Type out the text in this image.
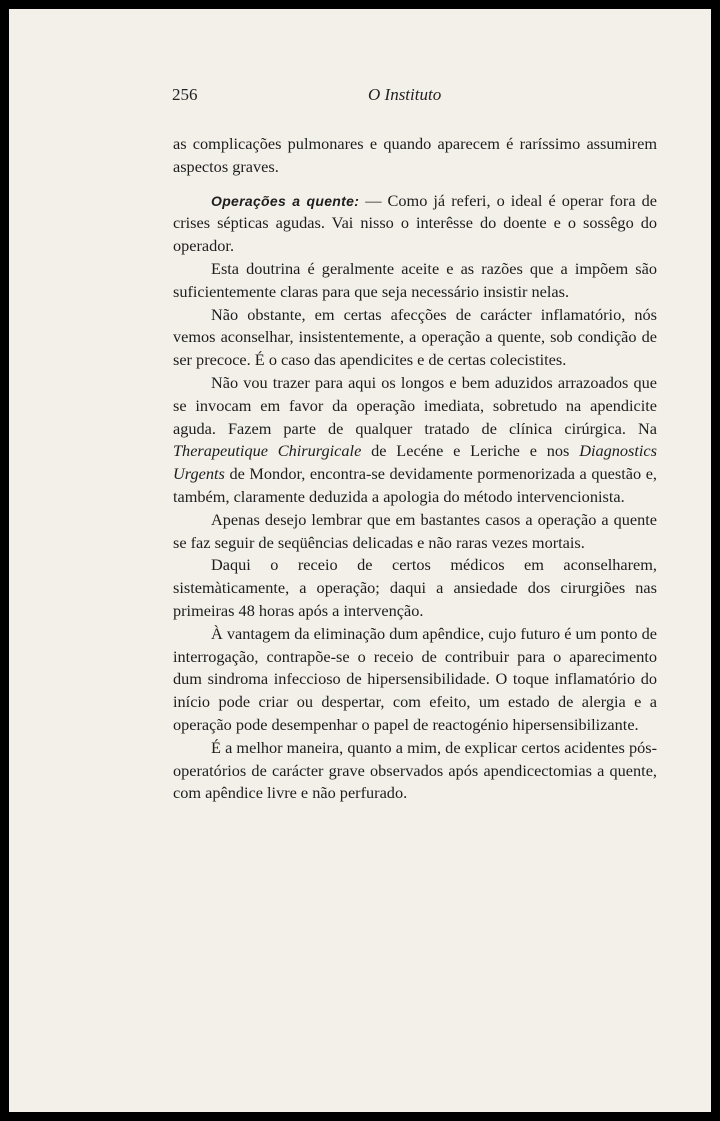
256	O Instituto

as complicações pulmonares e quando aparecem é raríssimo assumirem aspectos graves.

Operações a quente: — Como já referi, o ideal é operar fora de crises sépticas agudas. Vai nisso o interêsse do doente e o sossêgo do operador.

Esta doutrina é geralmente aceite e as razões que a impõem são suficientemente claras para que seja necessário insistir nelas.

Não obstante, em certas afecções de carácter inflamatório, nós vemos aconselhar, insistentemente, a operação a quente, sob condição de ser precoce. É o caso das apendicites e de certas colecistites.

Não vou trazer para aqui os longos e bem aduzidos arrazoados que se invocam em favor da operação imediata, sobretudo na apendicite aguda. Fazem parte de qualquer tratado de clínica cirúrgica. Na Therapeutique Chirurgicale de Lecéne e Leriche e nos Diagnostics Urgents de Mondor, encontra-se devidamente pormenorizada a questão e, também, claramente deduzida a apologia do método intervencionista.

Apenas desejo lembrar que em bastantes casos a operação a quente se faz seguir de seqüências delicadas e não raras vezes mortais.

Daqui o receio de certos médicos em aconselharem, sistemàticamente, a operação; daqui a ansiedade dos cirurgiões nas primeiras 48 horas após a intervenção.

À vantagem da eliminação dum apêndice, cujo futuro é um ponto de interrogação, contrapõe-se o receio de contribuir para o aparecimento dum sindroma infeccioso de hipersensibilidade. O toque inflamatório do início pode criar ou despertar, com efeito, um estado de alergia e a operação pode desempenhar o papel de reactogénio hipersensibilizante.

É a melhor maneira, quanto a mim, de explicar certos acidentes pós-operatórios de carácter grave observados após apendicectomias a quente, com apêndice livre e não perfurado.
